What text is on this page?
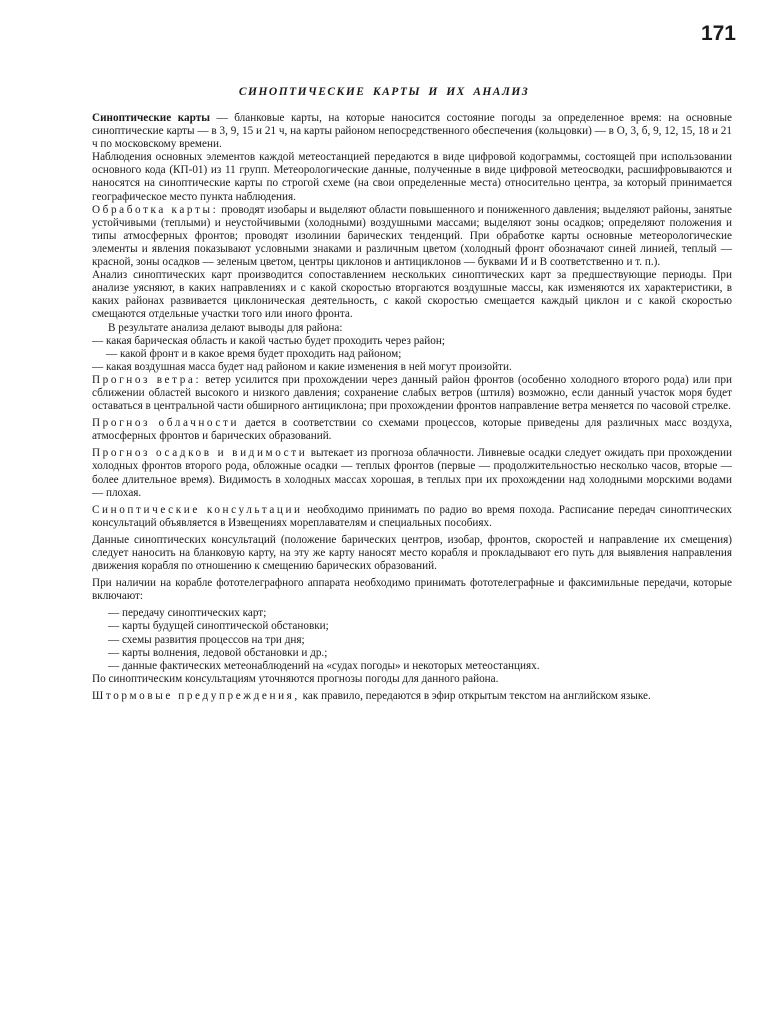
171
СИНОПТИЧЕСКИЕ КАРТЫ И ИХ АНАЛИЗ

Синоптические карты — бланковые карты, на которые наносится состояние погоды за определенное время: на основные синоптические карты — в 3, 9, 15 и 21 ч, на карты районом непосредственного обеспечения (кольцовки) — в О, 3, б, 9, 12, 15, 18 и 21 ч по московскому времени.

Наблюдения основных элементов каждой метеостанцией передаются в виде цифровой кодограммы, состоящей при использовании основного кода (КП-01) из 11 групп. Метеорологические данные, полученные в виде цифровой метеосводки, расшифровываются и наносятся на синоптические карты по строгой схеме (на свои определенные места) относительно центра, за который принимается географическое место пункта наблюдения.

Обработка карты: проводят изобары и выделяют области повышенного и пониженного давления; выделяют районы, занятые устойчивыми (теплыми) и неустойчивыми (холодными) воздушными массами; выделяют зоны осадков; определяют положения и типы атмосферных фронтов; проводят изолинии барических тенденций. При обработке карты основные метеорологические элементы и явления показывают условными знаками и различным цветом (холодный фронт обозначают синей линией, теплый — красной, зоны осадков — зеленым цветом, центры циклонов и антициклонов — буквами И и В соответственно и т. п.).

Анализ синоптических карт производится сопоставлением нескольких синоптических карт за предшествующие периоды. При анализе уясняют, в каких направлениях и с какой скоростью вторгаются воздушные массы, как изменяются их характеристики, в каких районах развивается циклоническая деятельность, с какой скоростью смещается каждый циклон и с какой скоростью смещаются отдельные участки того или иного фронта.

В результате анализа делают выводы для района:

— какая барическая область и какой частью будет проходить через район;

— какой фронт и в какое время будет проходить над районом;

— какая воздушная масса будет над районом и какие изменения в ней могут произойти.

Прогноз ветра: ветер усилится при прохождении через данный район фронтов (особенно холодного второго рода) или при сближении областей высокого и низкого давления; сохранение слабых ветров (штиля) возможно, если данный участок моря будет оставаться в центральной части обширного антициклона; при прохождении фронтов направление ветра меняется по часовой стрелке.

Прогноз облачности дается в соответствии со схемами процессов, которые приведены для различных масс воздуха, атмосферных фронтов и барических образований.

Прогноз осадков и видимости вытекает из прогноза облачности. Ливневые осадки следует ожидать при прохождении холодных фронтов второго рода, обложные осадки — теплых фронтов (первые — продолжительностью несколько часов, вторые — более длительное время). Видимость в холодных массах хорошая, в теплых при их прохождении над холодными морскими водами — плохая.

Синоптические консультации необходимо принимать по радио во время похода. Расписание передач синоптических консультаций объявляется в Извещениях мореплавателям и специальных пособиях.

Данные синоптических консультаций (положение барических центров, изобар, фронтов, скоростей и направление их смещения) следует наносить на бланковую карту, на эту же карту наносят место корабля и прокладывают его путь для выявления направления движения корабля по отношению к смещению барических образований.

При наличии на корабле фототелеграфного аппарата необходимо принимать фототелеграфные и факсимильные передачи, которые включают:

— передачу синоптических карт;

— карты будущей синоптической обстановки;

— схемы развития процессов на три дня;

— карты волнения, ледовой обстановки и др.;

— данные фактических метеонаблюдений на «судах погоды» и некоторых метеостанциях.

По синоптическим консультациям уточняются прогнозы погоды для данного района.

Штормовые предупреждения, как правило, передаются в эфир открытым текстом на английском языке.
